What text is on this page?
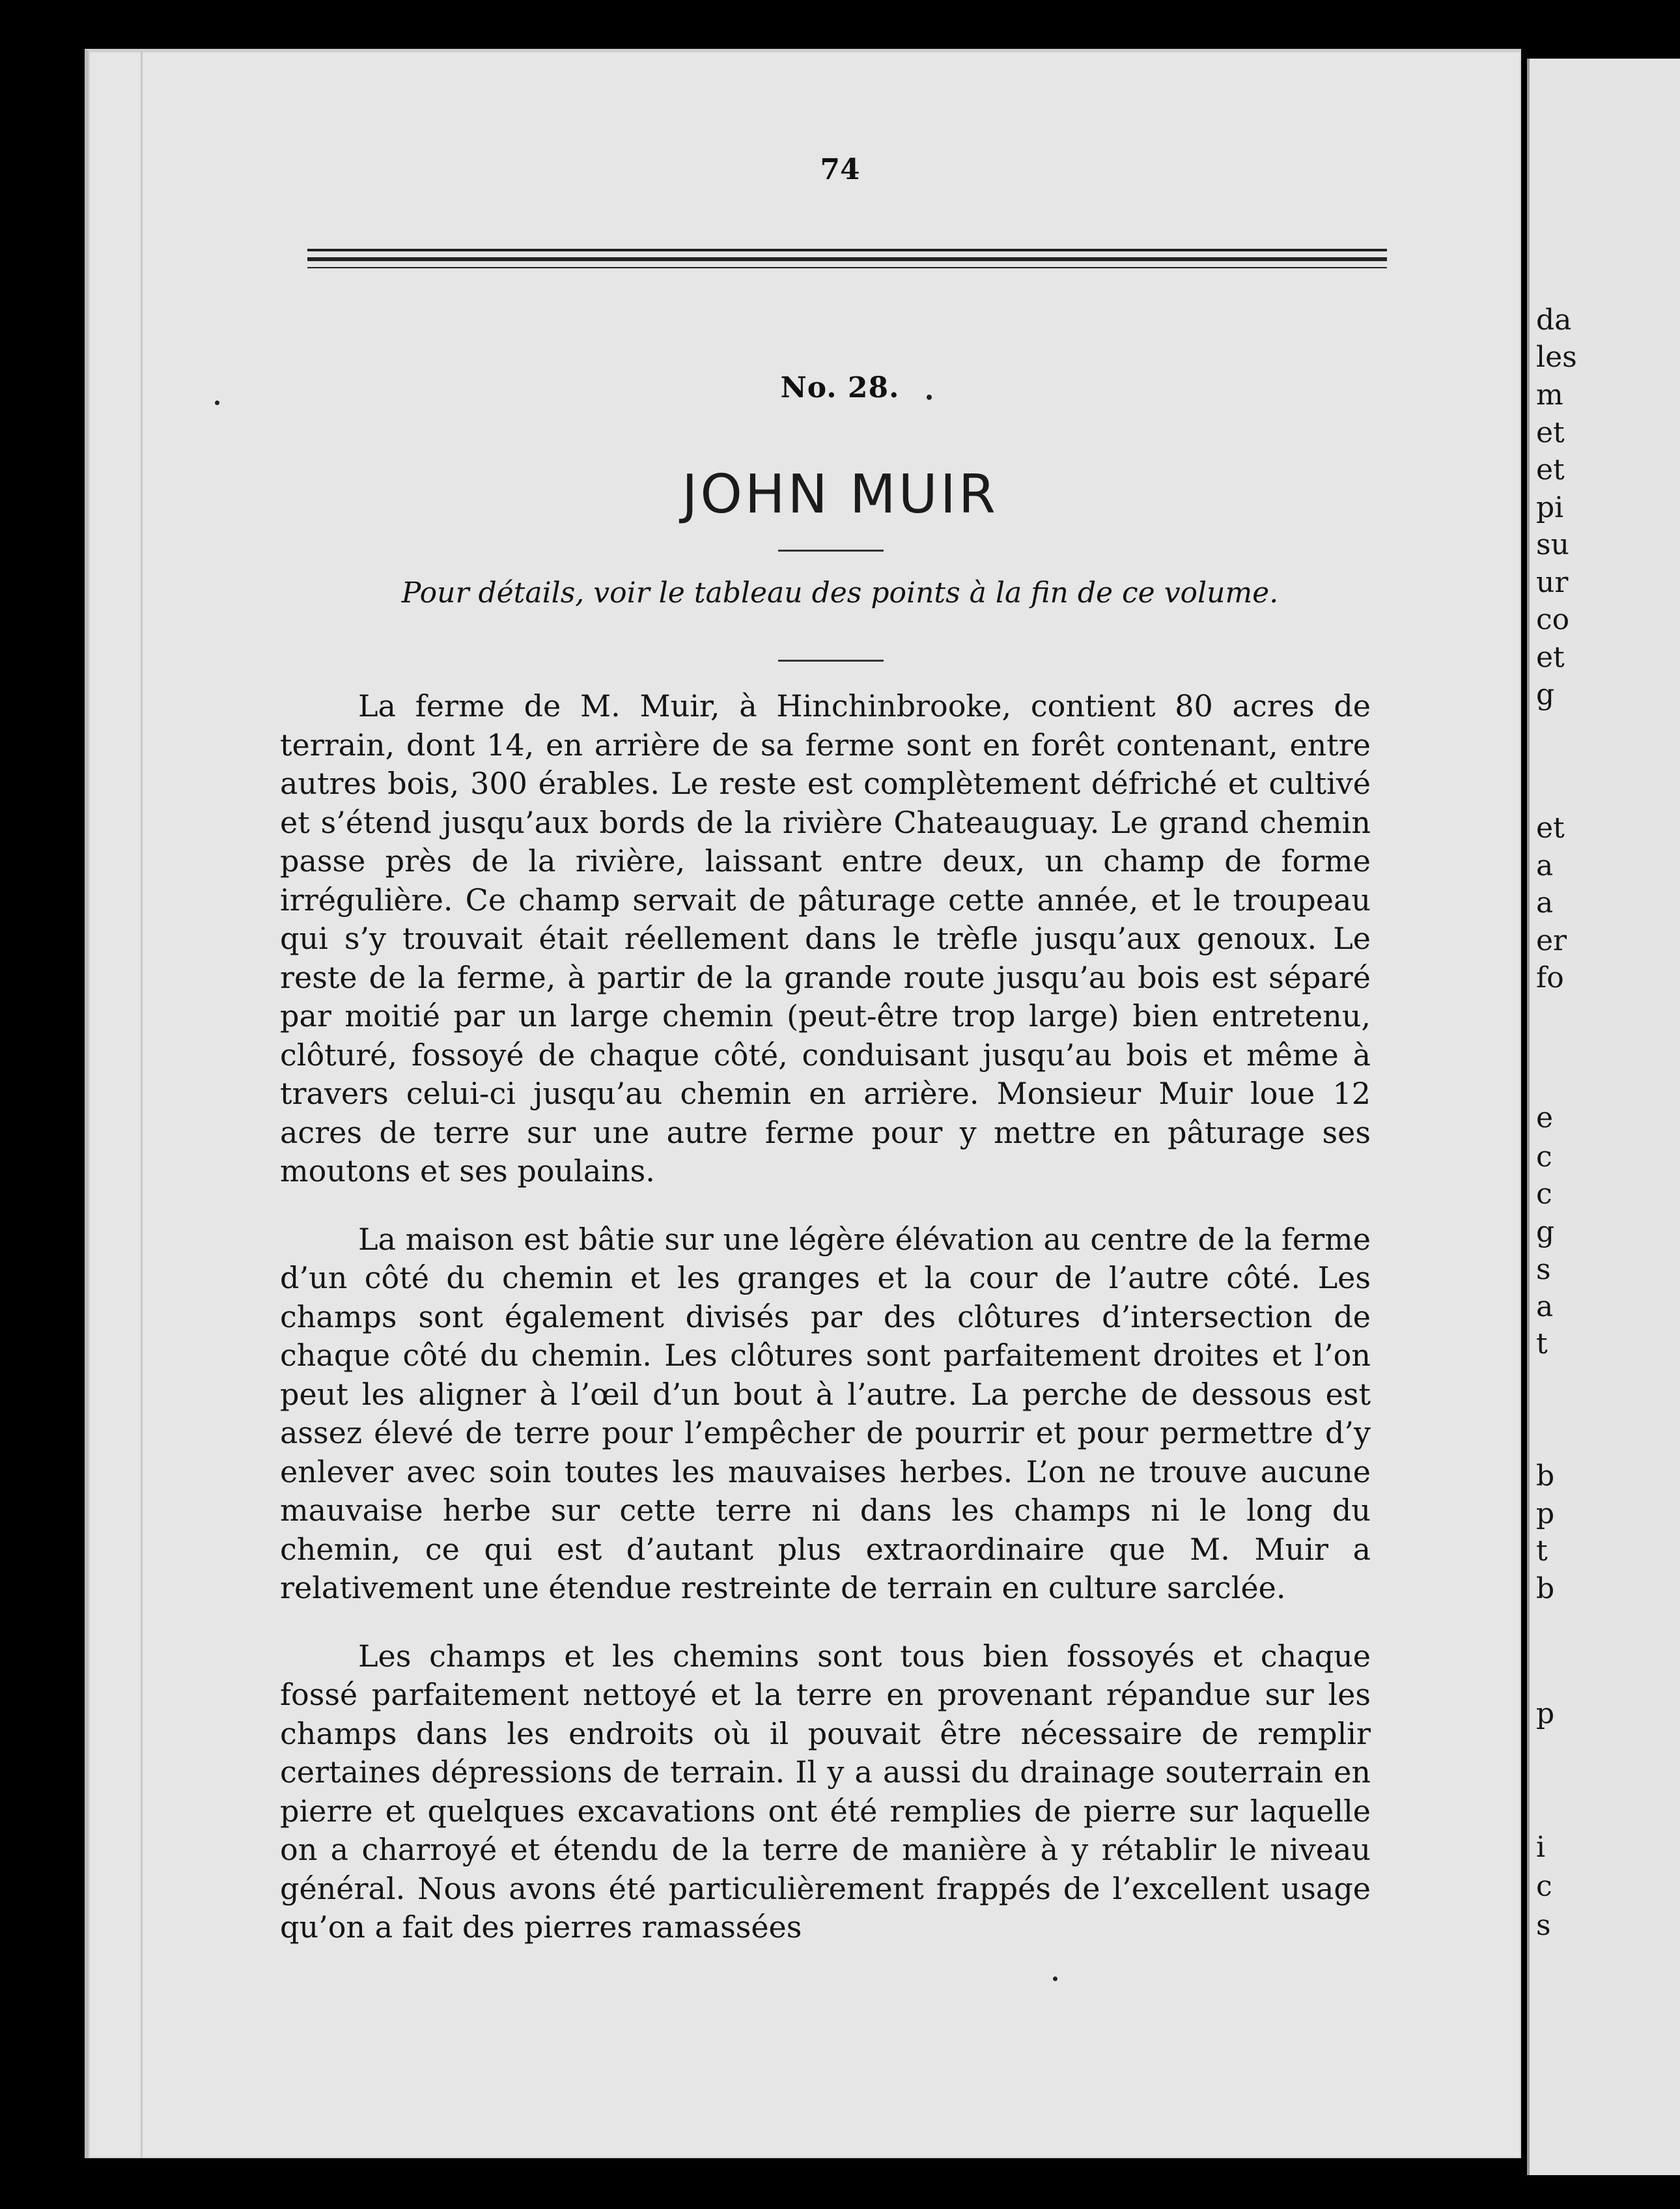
da
les
m
et
et
pi
su
ur
co
et
g
et
a
a
er
fo
e
c
c
g
s
a
t
b
p
t
b
p
i
c
s
74
No. 28.
JOHN MUIR
Pour détails, voir le tableau des points à la fin de ce volume.

La ferme de M. Muir, à Hinchinbrooke, contient 80 acres de terrain, dont 14, en arrière de sa ferme sont en forêt contenant, entre autres bois, 300 érables. Le reste est complètement défriché et cultivé et s’étend jusqu’aux bords de la rivière Chateauguay. Le grand chemin passe près de la rivière, laissant entre deux, un champ de forme irrégulière. Ce champ servait de pâturage cette année, et le troupeau qui s’y trouvait était réellement dans le trèfle jusqu’aux genoux. Le reste de la ferme, à partir de la grande route jusqu’au bois est séparé par moitié par un large chemin (peut-être trop large) bien entretenu, clôturé, fossoyé de chaque côté, conduisant jusqu’au bois et même à travers celui-ci jusqu’au chemin en arrière. Monsieur Muir loue 12 acres de terre sur une autre ferme pour y mettre en pâturage ses moutons et ses poulains.

La maison est bâtie sur une légère élévation au centre de la ferme d’un côté du chemin et les granges et la cour de l’autre côté. Les champs sont également divisés par des clôtures d’intersection de chaque côté du chemin. Les clôtures sont parfaitement droites et l’on peut les aligner à l’œil d’un bout à l’autre. La perche de dessous est assez élevé de terre pour l’empêcher de pourrir et pour permettre d’y enlever avec soin toutes les mauvaises herbes. L’on ne trouve aucune mauvaise herbe sur cette terre ni dans les champs ni le long du chemin, ce qui est d’autant plus extraordinaire que M. Muir a relativement une étendue restreinte de terrain en culture sarclée.

Les champs et les chemins sont tous bien fossoyés et chaque fossé parfaitement nettoyé et la terre en provenant répandue sur les champs dans les endroits où il pouvait être nécessaire de remplir certaines dépressions de terrain. Il y a aussi du drainage souterrain en pierre et quelques excavations ont été remplies de pierre sur laquelle on a charroyé et étendu de la terre de manière à y rétablir le niveau général. Nous avons été particulièrement frappés de l’excellent usage qu’on a fait des pierres ramassées
